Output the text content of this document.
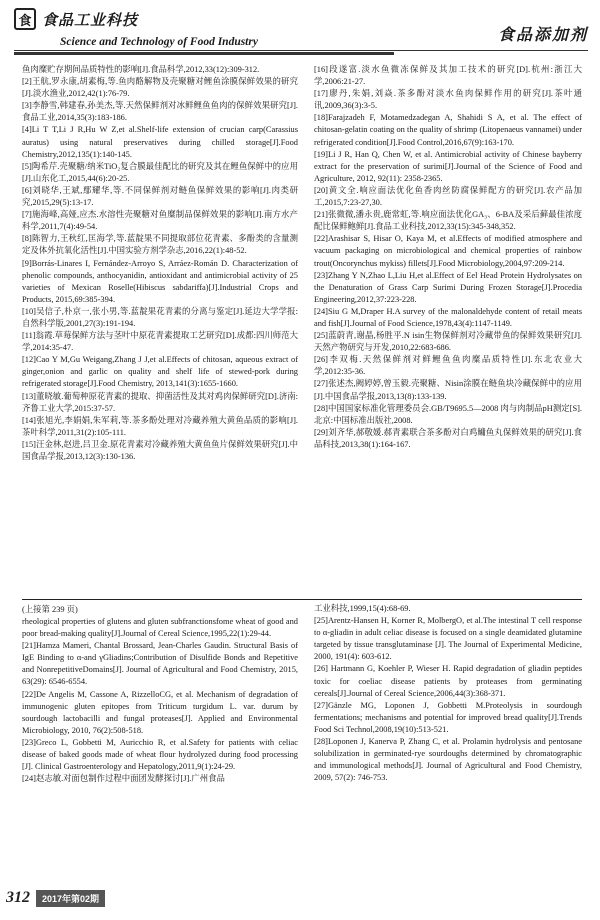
食 食品工业科技
Science and Technology of Food Industry	食品添加剂

鱼肉糜贮存期间品质特性的影响[J].食品科学,2012,33(12):309-312.

[2]王航,罗永康,胡素梅,等.鱼肉酪解物及壳聚糖对鲤鱼涂膜保鲜效果的研究[J].淡水渔业,2012,42(1):76-79.

[3]李静雪,韩建春,孙美杰,等.天然保鲜剂对冰鲜鲤鱼鱼肉的保鲜效果研究[J].食品工业,2014,35(3):183-186.

[4]Li T T,Li J R,Hu W Z,et al.Shelf-life extension of crucian carp(Carassius auratus) using natural preservatives during chilled storage[J].Food Chemistry,2012,135(1):140-145.

[5]陶希芹.壳聚糖/纳米TiO₂复合膜最佳配比的研究及其在鲤鱼保鲜中的应用[J].山东化工,2015,44(6):20-25.

[6]刘晓华,王斌,鄢耀华,等.不同保鲜剂对鲢鱼保鲜效果的影响[J].肉类研究,2015,29(5):13-17.

[7]施海峰,高娅,应杰.水溶性壳聚糖对鱼糜制品保鲜效果的影响[J].南方水产科学,2011,7(4):49-54.

[8]陈智力,王秋红,匡海学,等.蓝靛果不同提取部位花青素、多酚类的含量测定及体外抗氧化活性[J].中国实验方剂学杂志,2016,22(1):48-52.

[9]Borrás-Linares I, Fernández-Arroyo S, Arráez-Román D. Characterization of phenolic compounds, anthocyanidin, antioxidant and antimicrobial activity of 25 varieties of Mexican Roselle(Hibiscus sabdariffa)[J].Industrial Crops and Products, 2015,69:385-394.

[10]吴信子,朴京一,张小男,等.蓝靛果花青素的分离与鉴定[J].延边大学学报:自然科学版,2001,27(3):191-194.

[11]翁霞.草莓保鲜方法与茎叶中原花青素提取工艺研究[D].成都:四川师范大学,2014:35-47.

[12]Cao Y M,Gu Weigang,Zhang J J,et al.Effects of chitosan, aqueous extract of ginger,onion and garlic on quality and shelf life of stewed-pork during refrigerated storage[J].Food Chemistry, 2013,141(3):1655-1660.

[13]董晓敏.葡萄种原花青素的提取、抑菌活性及其对鸡肉保鲜研究[D].济南:齐鲁工业大学,2015:37-57.

[14]张旭光,李娟娟,朱军莉,等.茶多酚处理对冷藏养殖大黄鱼品质的影响[J].茶叶科学,2011,31(2):105-111.

[15]汪金林,赵进,吕卫金.原花青素对冷藏养殖大黄鱼鱼片保鲜效果研究[J].中国食品学报,2013,12(3):130-136.

[16]段遂富.淡水鱼微冻保鲜及其加工技术的研究[D].杭州:浙江大学,2006:21-27.

[17]廖丹,朱娟,刘焱.茶多酚对淡水鱼肉保鲜作用的研究[J].茶叶通讯,2009,36(3):3-5.

[18]Farajzadeh F, Motamedzadegan A, Shahidi S A, et al. The effect of chitosan-gelatin coating on the quality of shrimp (Litopenaeus vannamei) under refrigerated condition[J].Food Control,2016,67(9):163-170.

[19]Li J R, Han Q, Chen W, et al. Antimicrobial activity of Chinese bayberry extract for the preservation of surimi[J].Journal of the Science of Food and Agriculture, 2012, 92(11): 2358-2365.

[20]黄文全.响应面法优化鱼香肉丝防腐保鲜配方的研究[J].农产品加工,2015,7:23-27,30.

[21]张微微,潘永贵,鹿常虹,等.响应面法优化GA₃、6-BA及采后藓最佳浓度配比保鲜鲍鲜[J].食品工业科技,2012,33(15):345-348,352.

[22]Arashisar S, Hisar O, Kaya M, et al.Effects of modified atmosphere and vacuum packaging on microbiological and chemical properties of rainbow trout(Oncorynchus mykiss) fillets[J].Food Microbiology,2004,97:209-214.

[23]Zhang Y N,Zhao L,Liu H,et al.Effect of Eel Head Protein Hydrolysates on the Denaturation of Grass Carp Surimi During Frozen Storage[J].Procedia Engineering,2012,37:223-228.

[24]Siu G M,Draper H.A survey of the malonaldehyde content of retail meats and fish[J].Journal of Food Science,1978,43(4):1147-1149.

[25]蓝蔚青,谢晶,杨胜平.N isin生物保鲜剂对冷藏带鱼的保鲜效果研究[J].天然产物研究与开发,2010,22:683-686.

[26]李双梅.天然保鲜剂对鲜鲤鱼鱼肉糜品质特性[J].东北农业大学,2012:35-36.

[27]张述杰,阙婷婷,曾玉毅.壳聚糖、Nisin涂膜在鲢鱼块冷藏保鲜中的应用[J].中国食品学报,2013,13(8):133-139.

[28]中国国家标准化管理委员会.GB/T9695.5—2008 肉与肉制品pH测定[S].北京:中国标准出版社,2008.

[29]刘齐华,郝敬媛.郝青素联合茶多酚对白鸡鳙鱼丸保鲜效果的研究[J].食品科技,2013,38(1):164-167.

(上接第 239 页)

rheological properties of glutens and gluten subfranctionsfome wheat of good and poor bread-making quality[J].Journal of Cereal Science,1995,22(1):29-44.

[21]Hamza Mameri, Chantal Brossard, Jean-Charles Gaudin. Structural Basis of IgE Binding to α-and γGliadins;Contribution of Disulfide Bonds and Repetitive and NonrepetitiveDomains[J]. Journal of Agricultural and Food Chemistry, 2015, 63(29): 6546-6554.

[22]De Angelis M, Cassone A, RizzelloCG, et al. Mechanism of degradation of immunogenic gluten epitopes from Triticum turgidum L. var. durum by sourdough lactobacilli and fungal proteases[J]. Applied and Environmental Microbiology, 2010, 76(2):508-518.

[23]Greco L, Gobbetti M, Auricchio R, et al.Safety for patients with celiac disease of baked goods made of wheat flour hydrolyzed during food processing [J]. Clinical Gastroenterology and Hepatology,2011,9(1):24-29.

[24]赵志敏.对面包制作过程中面团发酵探讨[J].广州食品

工业科技,1999,15(4):68-69.

[25]Arentz-Hansen H, Korner R, MolbergO, et al.The intestinal T cell response to α-gliadin in adult celiac disease is focused on a single deamidated glutamine targeted by tissue transglutaminase [J]. The Journal of Experimental Medicine, 2000, 191(4): 603-612.

[26] Hartmann G, Koehler P, Wieser H. Rapid degradation of gliadin peptides toxic for coeliac disease patients by proteases from germinating cereals[J].Journal of Cereal Science,2006,44(3):368-371.

[27]Gänzle MG, Loponen J, Gobbetti M.Proteolysis in sourdough fermentations; mechanisms and potential for improved bread quality[J].Trends Food Sci Technol,2008,19(10):513-521.

[28]Loponen J, Kanerva P, Zhang C, et al. Prolamin hydrolysis and pentosane solubilization in germinated-rye sourdoughs determined by chromatographic and immunological methods[J]. Journal of Agricultural and Food Chemistry, 2009, 57(2): 746-753.

312	2017年第02期
